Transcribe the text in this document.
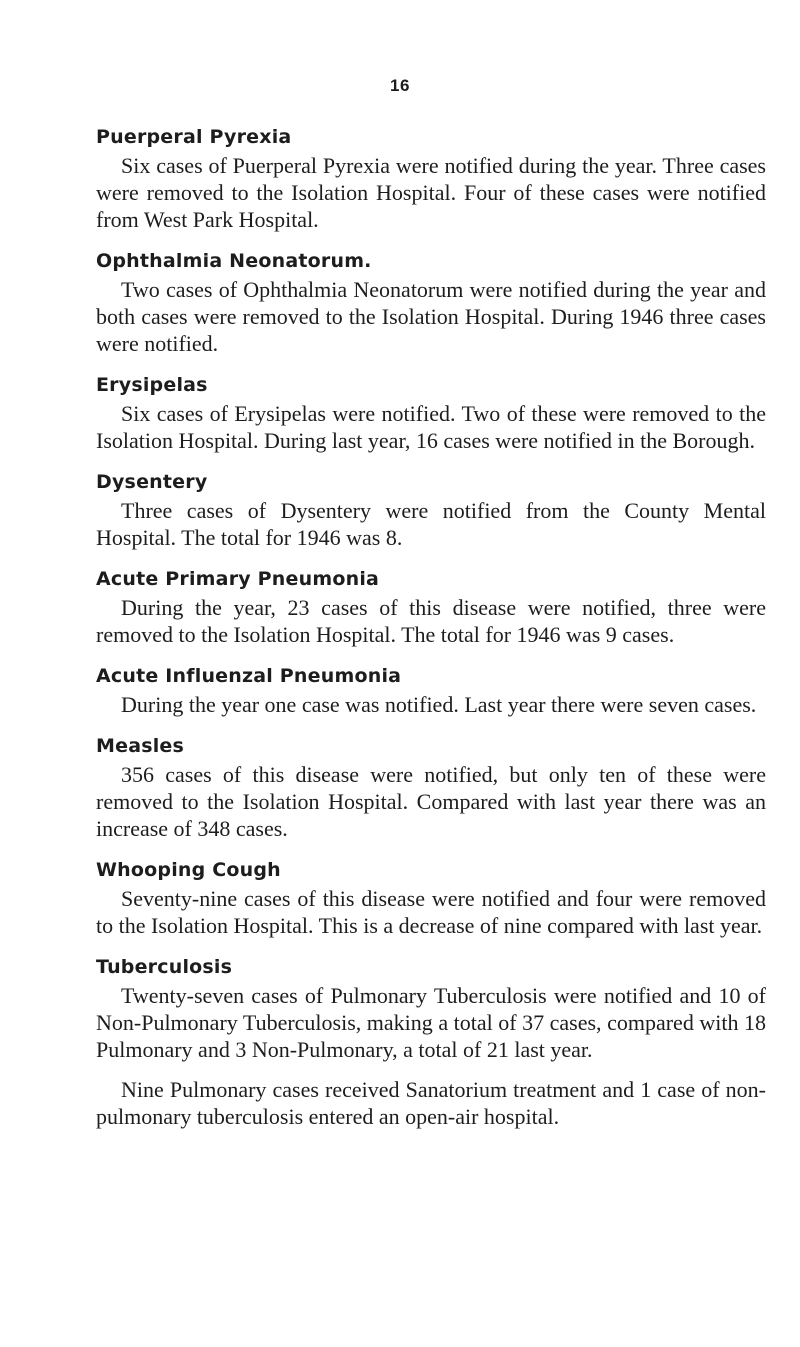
16
Puerperal Pyrexia

Six cases of Puerperal Pyrexia were notified during the year. Three cases were removed to the Isolation Hospital. Four of these cases were notified from West Park Hospital.

Ophthalmia Neonatorum.

Two cases of Ophthalmia Neonatorum were notified during the year and both cases were removed to the Isolation Hospital. During 1946 three cases were notified.

Erysipelas

Six cases of Erysipelas were notified. Two of these were removed to the Isolation Hospital. During last year, 16 cases were notified in the Borough.

Dysentery

Three cases of Dysentery were notified from the County Mental Hospital. The total for 1946 was 8.

Acute Primary Pneumonia

During the year, 23 cases of this disease were notified, three were removed to the Isolation Hospital. The total for 1946 was 9 cases.

Acute Influenzal Pneumonia

During the year one case was notified. Last year there were seven cases.

Measles

356 cases of this disease were notified, but only ten of these were removed to the Isolation Hospital. Compared with last year there was an increase of 348 cases.

Whooping Cough

Seventy-nine cases of this disease were notified and four were removed to the Isolation Hospital. This is a decrease of nine compared with last year.

Tuberculosis

Twenty-seven cases of Pulmonary Tuberculosis were notified and 10 of Non-Pulmonary Tuberculosis, making a total of 37 cases, compared with 18 Pulmonary and 3 Non-Pulmonary, a total of 21 last year.

Nine Pulmonary cases received Sanatorium treatment and 1 case of non-pulmonary tuberculosis entered an open-air hospital.
